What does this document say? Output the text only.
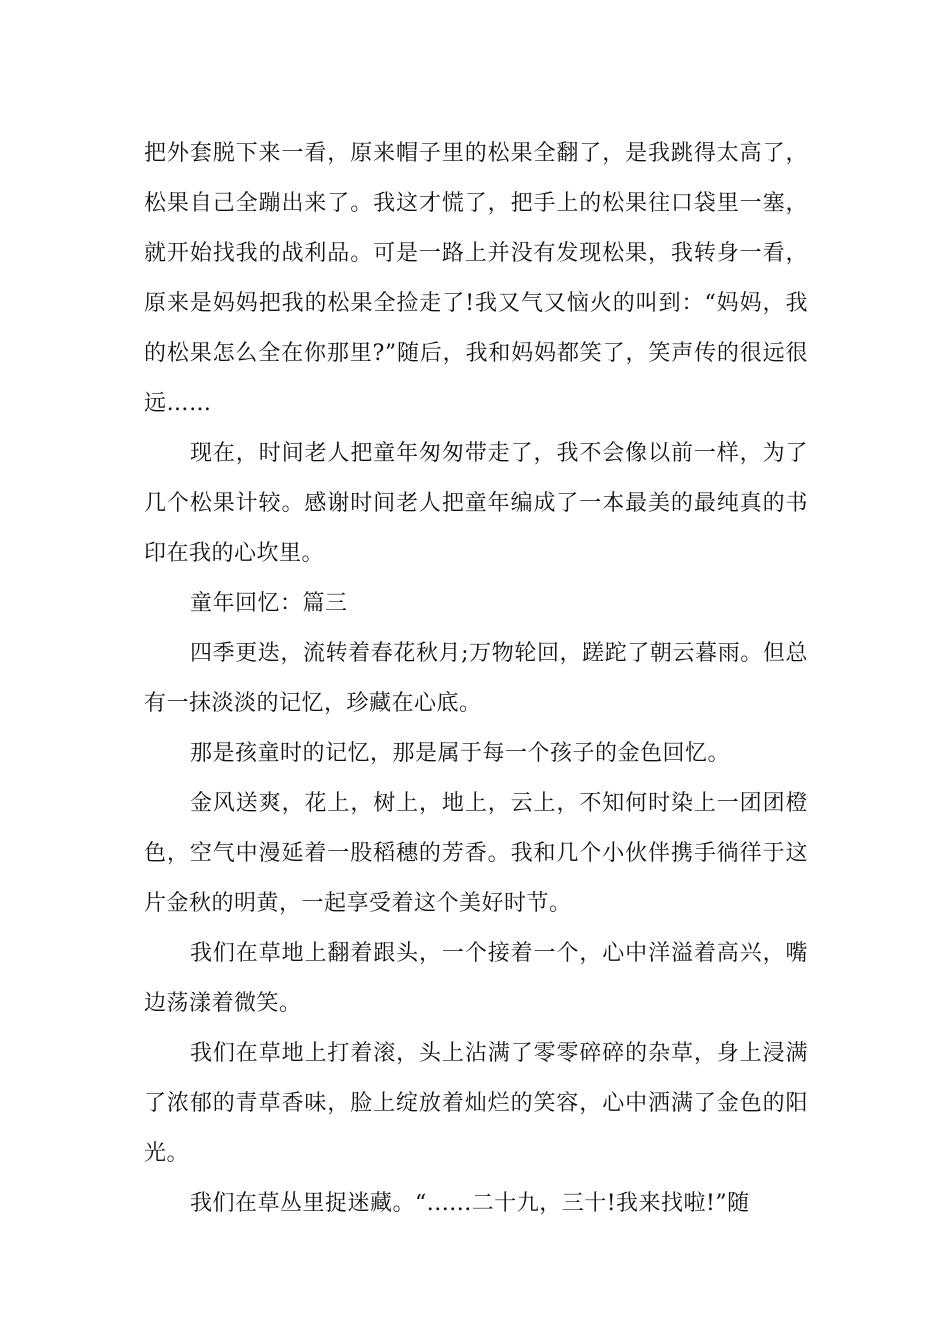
把外套脱下来一看，原来帽子里的松果全翻了，是我跳得太高了，松果自己全蹦出来了。我这才慌了，把手上的松果往口袋里一塞，就开始找我的战利品。可是一路上并没有发现松果，我转身一看，原来是妈妈把我的松果全捡走了!我又气又恼火的叫到：“妈妈，我的松果怎么全在你那里?”随后，我和妈妈都笑了，笑声传的很远很远……

现在，时间老人把童年匆匆带走了，我不会像以前一样，为了几个松果计较。感谢时间老人把童年编成了一本最美的最纯真的书印在我的心坎里。

童年回忆：篇三

四季更迭，流转着春花秋月;万物轮回，蹉跎了朝云暮雨。但总有一抹淡淡的记忆，珍藏在心底。

那是孩童时的记忆，那是属于每一个孩子的金色回忆。

金风送爽，花上，树上，地上，云上，不知何时染上一团团橙色，空气中漫延着一股稻穗的芳香。我和几个小伙伴携手徜徉于这片金秋的明黄，一起享受着这个美好时节。

我们在草地上翻着跟头，一个接着一个，心中洋溢着高兴，嘴边荡漾着微笑。

我们在草地上打着滚，头上沾满了零零碎碎的杂草，身上浸满了浓郁的青草香味，脸上绽放着灿烂的笑容，心中洒满了金色的阳光。

我们在草丛里捉迷藏。“......二十九，三十!我来找啦!”随
